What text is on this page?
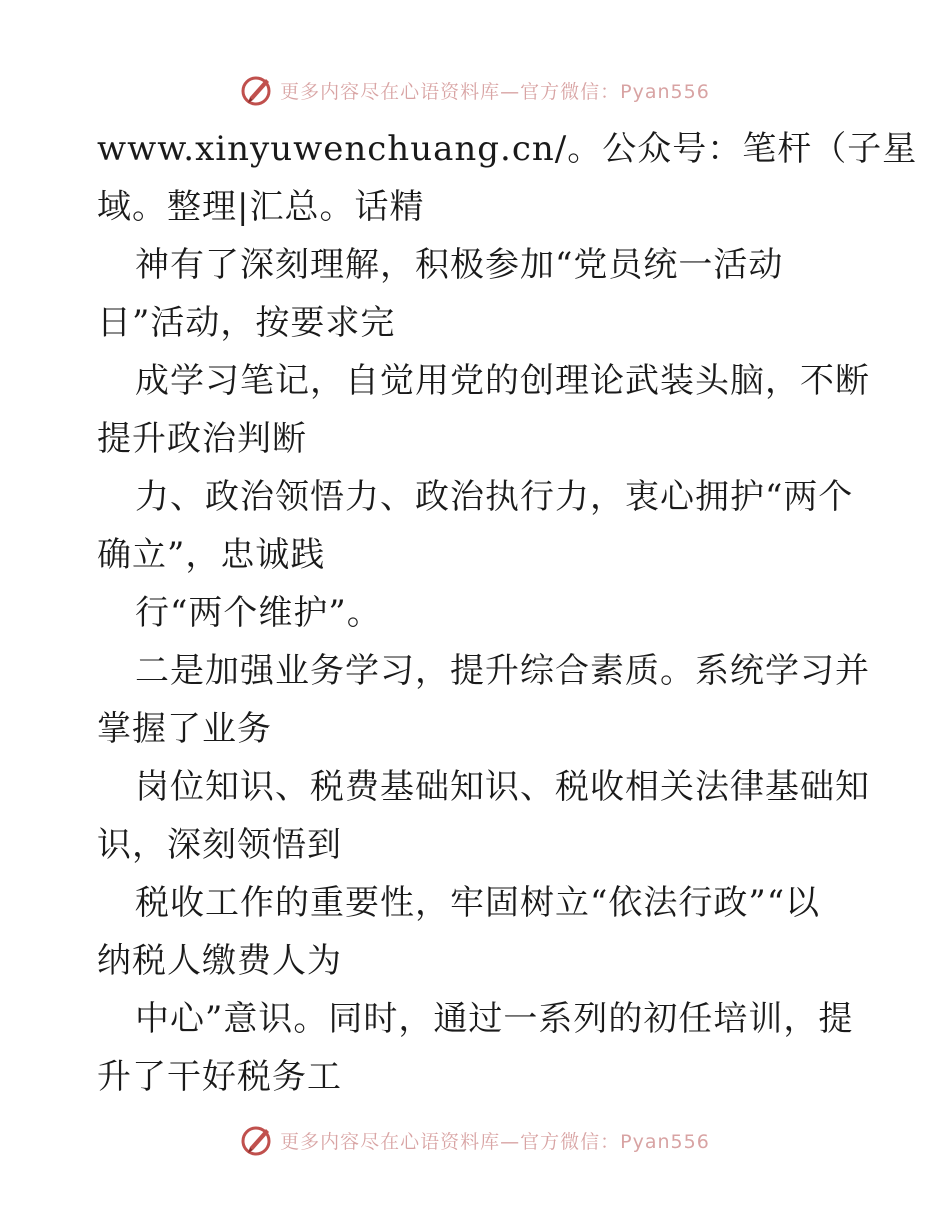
更多内容尽在心语资料库—官方微信：Pyan556
www.xinyuwenchuang.cn/。公众号：笔杆（子星
域。整理|汇总。话精
神有了深刻理解，积极参加“党员统一活动
日”活动，按要求完
成学习笔记，自觉用党的创理论武装头脑，不断
提升政治判断
力、政治领悟力、政治执行力，衷心拥护“两个
确立”，忠诚践
行“两个维护”。
二是加强业务学习，提升综合素质。系统学习并
掌握了业务
岗位知识、税费基础知识、税收相关法律基础知
识，深刻领悟到
税收工作的重要性，牢固树立“依法行政”“以
纳税人缴费人为
中心”意识。同时，通过一系列的初任培训，提
升了干好税务工
更多内容尽在心语资料库—官方微信：Pyan556
